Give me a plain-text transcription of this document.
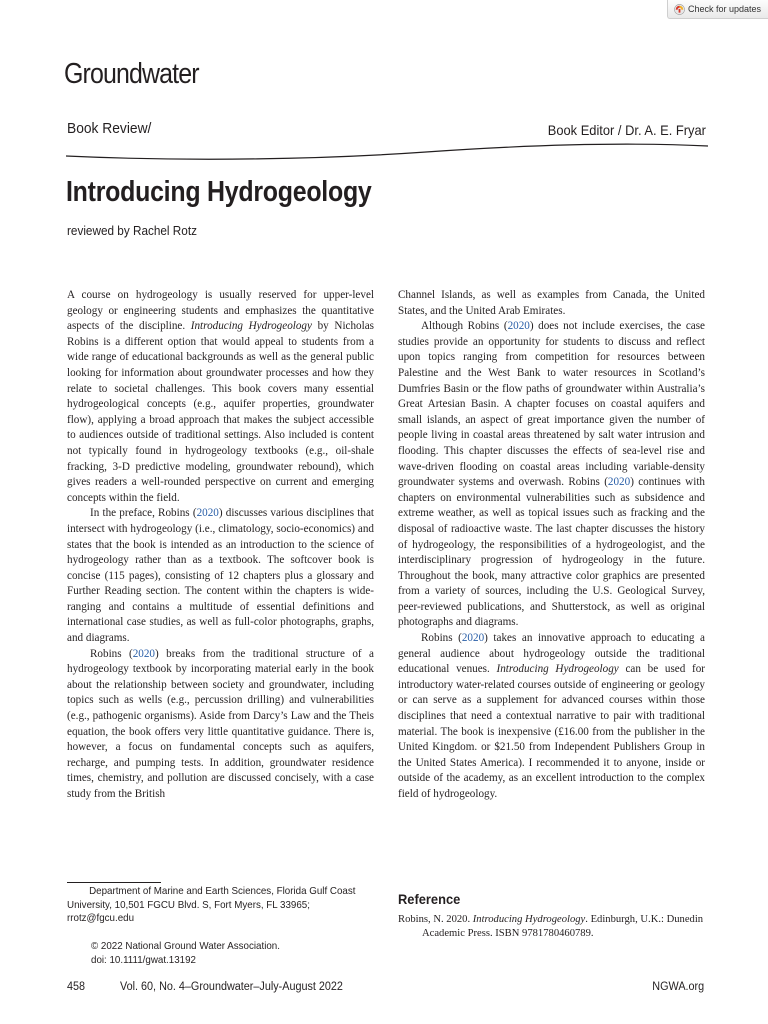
Check for updates
Groundwater
Book Review/	Book Editor / Dr. A. E. Fryar
Introducing Hydrogeology
reviewed by Rachel Rotz

A course on hydrogeology is usually reserved for upper-level geology or engineering students and emphasizes the quantitative aspects of the discipline. Introducing Hydrogeology by Nicholas Robins is a different option that would appeal to students from a wide range of educational backgrounds as well as the general public looking for information about groundwater processes and how they relate to societal challenges. This book covers many essential hydrogeological concepts (e.g., aquifer properties, groundwater flow), applying a broad approach that makes the subject accessible to audiences outside of traditional settings. Also included is content not typically found in hydrogeology textbooks (e.g., oil-shale fracking, 3-D predictive modeling, groundwater rebound), which gives readers a well-rounded perspective on current and emerging concepts within the field.

In the preface, Robins (2020) discusses various disciplines that intersect with hydrogeology (i.e., climatology, socio-economics) and states that the book is intended as an introduction to the science of hydrogeology rather than as a textbook. The softcover book is concise (115 pages), consisting of 12 chapters plus a glossary and Further Reading section. The content within the chapters is wide-ranging and contains a multitude of essential definitions and international case studies, as well as full-color photographs, graphs, and diagrams.

Robins (2020) breaks from the traditional structure of a hydrogeology textbook by incorporating material early in the book about the relationship between society and groundwater, including topics such as wells (e.g., percussion drilling) and vulnerabilities (e.g., pathogenic organisms). Aside from Darcy’s Law and the Theis equation, the book offers very little quantitative guidance. There is, however, a focus on fundamental concepts such as aquifers, recharge, and pumping tests. In addition, groundwater residence times, chemistry, and pollution are discussed concisely, with a case study from the British

Channel Islands, as well as examples from Canada, the United States, and the United Arab Emirates.

Although Robins (2020) does not include exercises, the case studies provide an opportunity for students to discuss and reflect upon topics ranging from competition for resources between Palestine and the West Bank to water resources in Scotland’s Dumfries Basin or the flow paths of groundwater within Australia’s Great Artesian Basin. A chapter focuses on coastal aquifers and small islands, an aspect of great importance given the number of people living in coastal areas threatened by salt water intrusion and flooding. This chapter discusses the effects of sea-level rise and wave-driven flooding on coastal areas including variable-density groundwater systems and overwash. Robins (2020) continues with chapters on environmental vulnerabilities such as subsidence and extreme weather, as well as topical issues such as fracking and the disposal of radioactive waste. The last chapter discusses the history of hydrogeology, the responsibilities of a hydrogeologist, and the interdisciplinary progression of hydrogeology in the future. Throughout the book, many attractive color graphics are presented from a variety of sources, including the U.S. Geological Survey, peer-reviewed publications, and Shutterstock, as well as original photographs and diagrams.

Robins (2020) takes an innovative approach to educating a general audience about hydrogeology outside the traditional educational venues. Introducing Hydrogeology can be used for introductory water-related courses outside of engineering or geology or can serve as a supplement for advanced courses within those disciplines that need a contextual narrative to pair with traditional material. The book is inexpensive (£16.00 from the publisher in the United Kingdom. or $21.50 from Independent Publishers Group in the United States America). I recommended it to anyone, inside or outside of the academy, as an excellent introduction to the complex field of hydrogeology.

Department of Marine and Earth Sciences, Florida Gulf Coast University, 10,501 FGCU Blvd. S, Fort Myers, FL 33965; rrotz@fgcu.edu
© 2022 National Ground Water Association.
doi: 10.1111/gwat.13192
Reference
Robins, N. 2020. Introducing Hydrogeology. Edinburgh, U.K.: Dunedin Academic Press. ISBN 9781780460789.
458	Vol. 60, No. 4–Groundwater–July-August 2022	NGWA.org
